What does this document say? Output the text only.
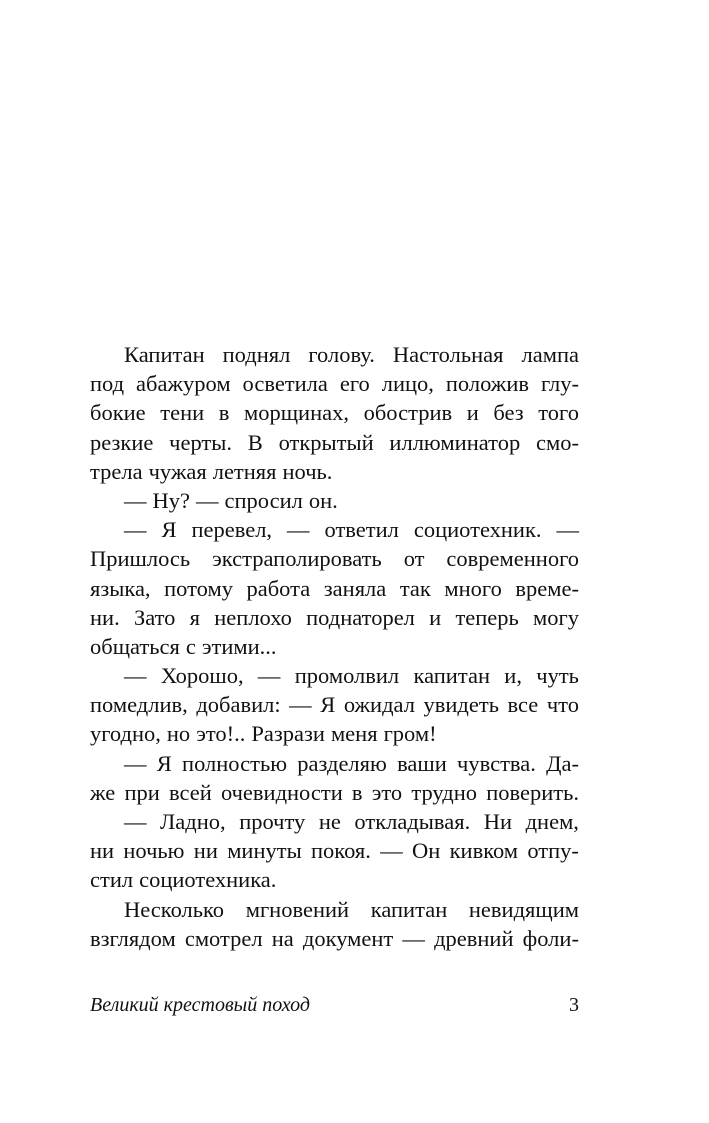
Капитан поднял голову. Настольная лампа
под абажуром осветила его лицо, положив глу-
бокие тени в морщинах, обострив и без того
резкие черты. В открытый иллюминатор смо-
трела чужая летняя ночь.
— Ну? — спросил он.
— Я перевел, — ответил социотехник. —
Пришлось экстраполировать от современного
языка, потому работа заняла так много време-
ни. Зато я неплохо поднаторел и теперь могу
общаться с этими...
— Хорошо, — промолвил капитан и, чуть
помедлив, добавил: — Я ожидал увидеть все что
угодно, но это!.. Разрази меня гром!
— Я полностью разделяю ваши чувства. Да-
же при всей очевидности в это трудно поверить.
— Ладно, прочту не откладывая. Ни днем,
ни ночью ни минуты покоя. — Он кивком отпу-
стил социотехника.
Несколько мгновений капитан невидящим
взглядом смотрел на документ — древний фоли-
Великий крестовый поход	3
